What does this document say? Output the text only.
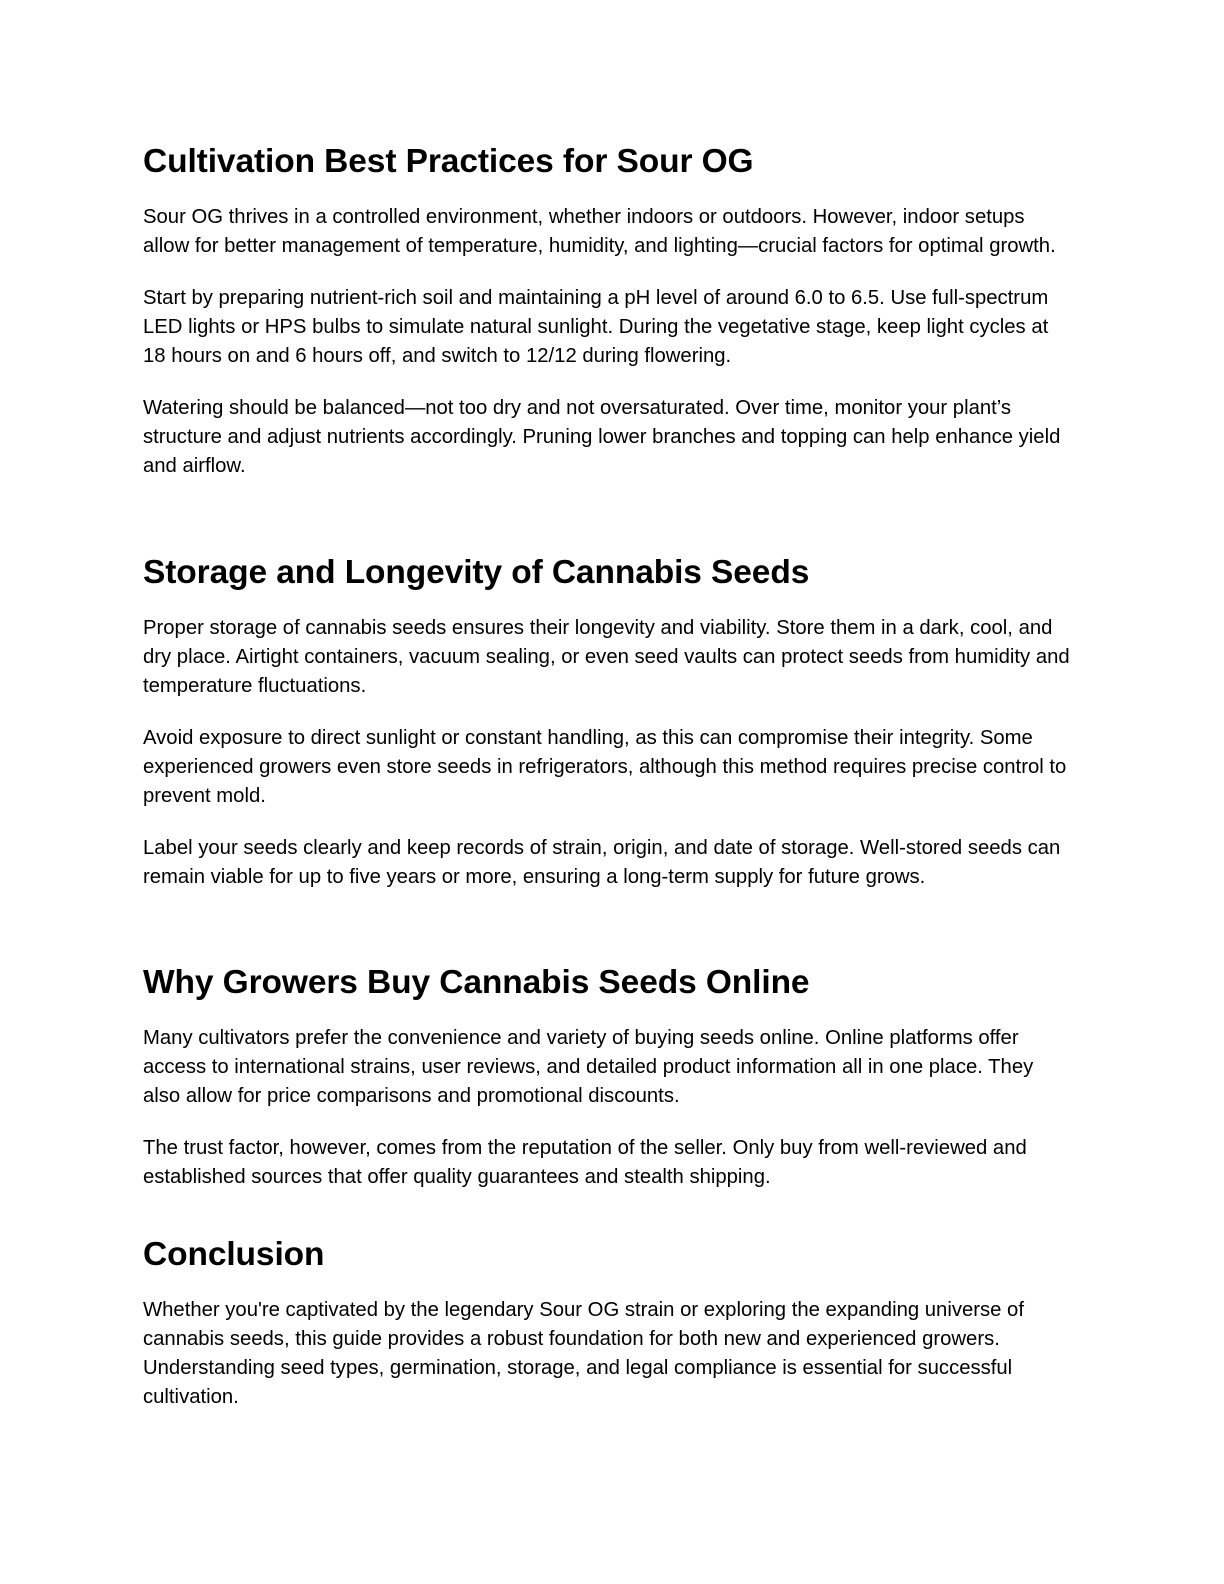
Cultivation Best Practices for Sour OG

Sour OG thrives in a controlled environment, whether indoors or outdoors. However, indoor setups allow for better management of temperature, humidity, and lighting—crucial factors for optimal growth.

Start by preparing nutrient-rich soil and maintaining a pH level of around 6.0 to 6.5. Use full-spectrum LED lights or HPS bulbs to simulate natural sunlight. During the vegetative stage, keep light cycles at 18 hours on and 6 hours off, and switch to 12/12 during flowering.

Watering should be balanced—not too dry and not oversaturated. Over time, monitor your plant’s structure and adjust nutrients accordingly. Pruning lower branches and topping can help enhance yield and airflow.

Storage and Longevity of Cannabis Seeds

Proper storage of cannabis seeds ensures their longevity and viability. Store them in a dark, cool, and dry place. Airtight containers, vacuum sealing, or even seed vaults can protect seeds from humidity and temperature fluctuations.

Avoid exposure to direct sunlight or constant handling, as this can compromise their integrity. Some experienced growers even store seeds in refrigerators, although this method requires precise control to prevent mold.

Label your seeds clearly and keep records of strain, origin, and date of storage. Well-stored seeds can remain viable for up to five years or more, ensuring a long-term supply for future grows.

Why Growers Buy Cannabis Seeds Online

Many cultivators prefer the convenience and variety of buying seeds online. Online platforms offer access to international strains, user reviews, and detailed product information all in one place. They also allow for price comparisons and promotional discounts.

The trust factor, however, comes from the reputation of the seller. Only buy from well-reviewed and established sources that offer quality guarantees and stealth shipping.

Conclusion

Whether you're captivated by the legendary Sour OG strain or exploring the expanding universe of cannabis seeds, this guide provides a robust foundation for both new and experienced growers. Understanding seed types, germination, storage, and legal compliance is essential for successful cultivation.
